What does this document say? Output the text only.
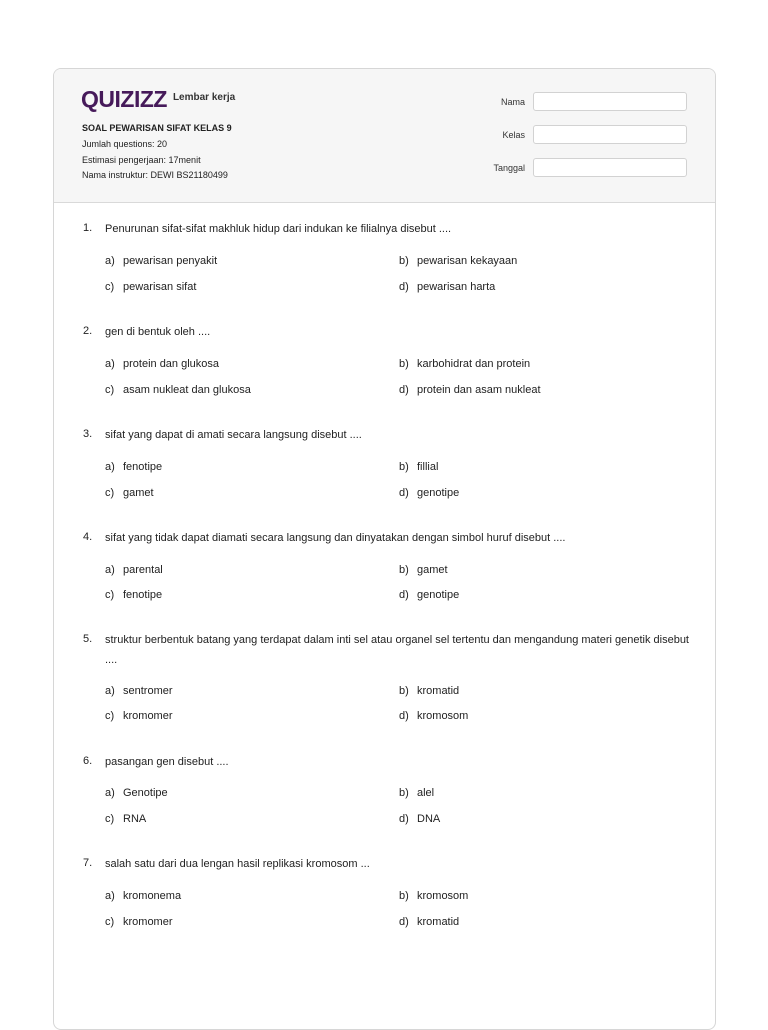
QUIZIZZ Lembar kerja
SOAL PEWARISAN SIFAT KELAS 9
Jumlah questions: 20
Estimasi pengerjaan: 17menit
Nama instruktur: DEWI BS21180499
Nama
Kelas
Tanggal
1. Penurunan sifat-sifat makhluk hidup dari indukan ke filialnya disebut ....
a) pewarisan penyakit	b) pewarisan kekayaan
c) pewarisan sifat	d) pewarisan harta
2. gen di bentuk oleh ....
a) protein dan glukosa	b) karbohidrat dan protein
c) asam nukleat dan glukosa	d) protein dan asam nukleat
3. sifat yang dapat di amati secara langsung disebut ....
a) fenotipe	b) fillial
c) gamet	d) genotipe
4. sifat yang tidak dapat diamati secara langsung dan dinyatakan dengan simbol huruf disebut ....
a) parental	b) gamet
c) fenotipe	d) genotipe
5. struktur berbentuk batang yang terdapat dalam inti sel atau organel sel tertentu dan mengandung materi genetik disebut ....
a) sentromer	b) kromatid
c) kromomer	d) kromosom
6. pasangan gen disebut ....
a) Genotipe	b) alel
c) RNA	d) DNA
7. salah satu dari dua lengan hasil replikasi kromosom ...
a) kromonema	b) kromosom
c) kromomer	d) kromatid
